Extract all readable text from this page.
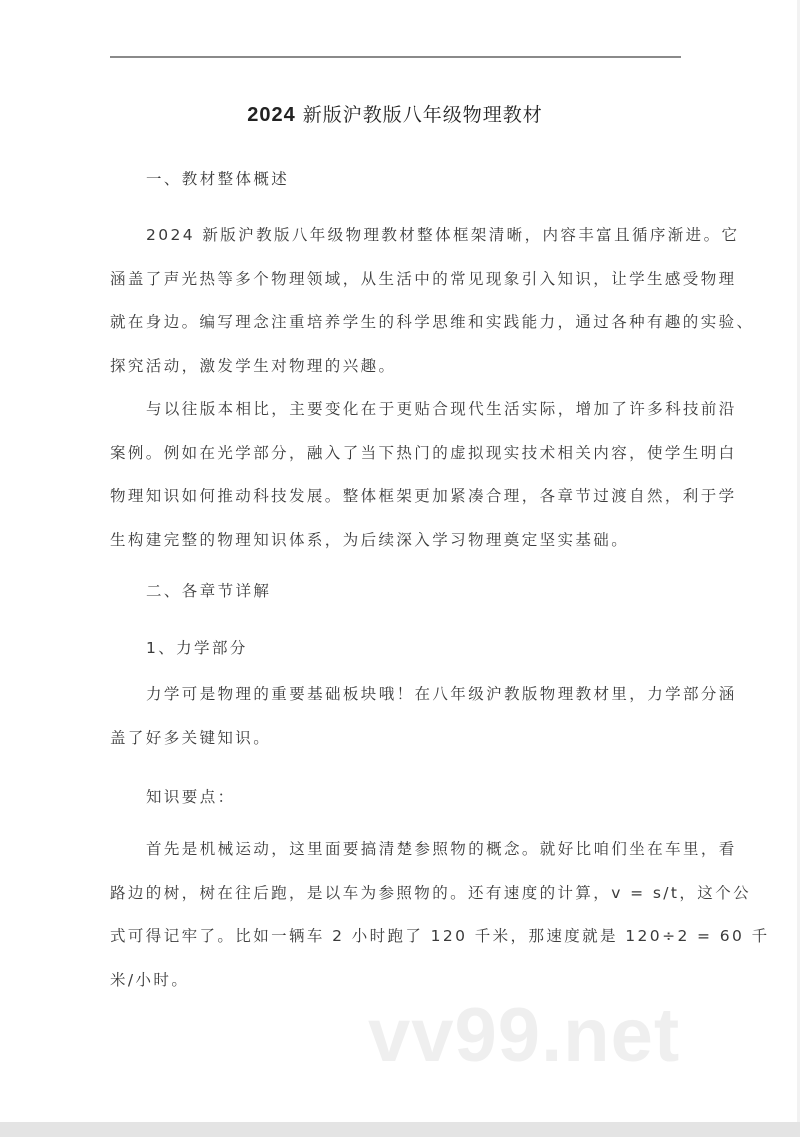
2024 新版沪教版八年级物理教材
一、教材整体概述
2024 新版沪教版八年级物理教材整体框架清晰，内容丰富且循序渐进。它
涵盖了声光热等多个物理领域，从生活中的常见现象引入知识，让学生感受物理
就在身边。编写理念注重培养学生的科学思维和实践能力，通过各种有趣的实验、
探究活动，激发学生对物理的兴趣。
与以往版本相比，主要变化在于更贴合现代生活实际，增加了许多科技前沿
案例。例如在光学部分，融入了当下热门的虚拟现实技术相关内容，使学生明白
物理知识如何推动科技发展。整体框架更加紧凑合理，各章节过渡自然，利于学
生构建完整的物理知识体系，为后续深入学习物理奠定坚实基础。
二、各章节详解
1、力学部分
力学可是物理的重要基础板块哦！在八年级沪教版物理教材里，力学部分涵
盖了好多关键知识。
知识要点：
首先是机械运动，这里面要搞清楚参照物的概念。就好比咱们坐在车里，看
路边的树，树在往后跑，是以车为参照物的。还有速度的计算，v = s/t，这个公
式可得记牢了。比如一辆车 2 小时跑了 120 千米，那速度就是 120÷2 = 60 千
米/小时。
vv99.net
